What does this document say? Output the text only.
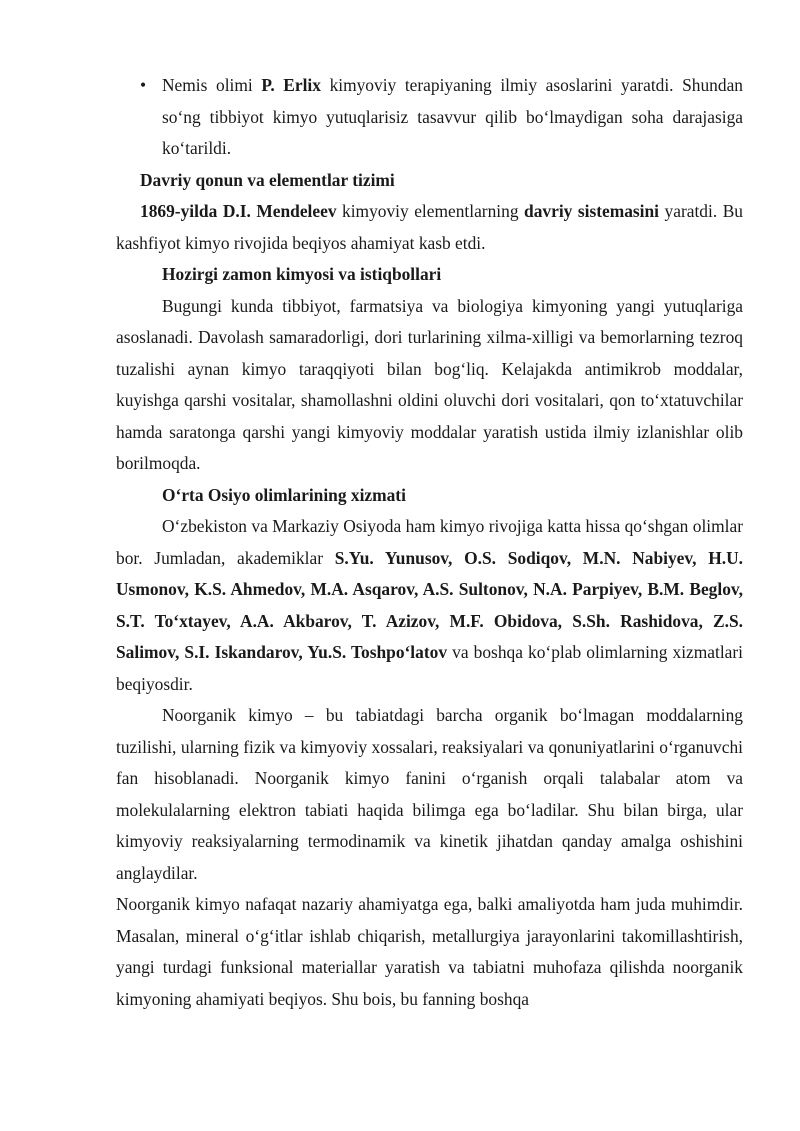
• Nemis olimi P. Erlix kimyoviy terapiyaning ilmiy asoslarini yaratdi. Shundan so‘ng tibbiyot kimyo yutuqlarisiz tasavvur qilib bo‘lmaydigan soha darajasiga ko‘tarildi.

Davriy qonun va elementlar tizimi

1869-yilda D.I. Mendeleev kimyoviy elementlarning davriy sistemasini yaratdi. Bu kashfiyot kimyo rivojida beqiyos ahamiyat kasb etdi.

Hozirgi zamon kimyosi va istiqbollari

Bugungi kunda tibbiyot, farmatsiya va biologiya kimyoning yangi yutuqlariga asoslanadi. Davolash samaradorligi, dori turlarining xilma-xilligi va bemorlarning tezroq tuzalishi aynan kimyo taraqqiyoti bilan bog‘liq. Kelajakda antimikrob moddalar, kuyishga qarshi vositalar, shamollashni oldini oluvchi dori vositalari, qon to‘xtatuvchilar hamda saratonga qarshi yangi kimyoviy moddalar yaratish ustida ilmiy izlanishlar olib borilmoqda.

O‘rta Osiyo olimlarining xizmati

O‘zbekiston va Markaziy Osiyoda ham kimyo rivojiga katta hissa qo‘shgan olimlar bor. Jumladan, akademiklar S.Yu. Yunusov, O.S. Sodiqov, M.N. Nabiyev, H.U. Usmonov, K.S. Ahmedov, M.A. Asqarov, A.S. Sultonov, N.A. Parpiyev, B.M. Beglov, S.T. To‘xtayev, A.A. Akbarov, T. Azizov, M.F. Obidova, S.Sh. Rashidova, Z.S. Salimov, S.I. Iskandarov, Yu.S. Toshpo‘latov va boshqa ko‘plab olimlarning xizmatlari beqiyosdir.

Noorganik kimyo – bu tabiatdagi barcha organik bo‘lmagan moddalarning tuzilishi, ularning fizik va kimyoviy xossalari, reaksiyalari va qonuniyatlarini o‘rganuvchi fan hisoblanadi. Noorganik kimyo fanini o‘rganish orqali talabalar atom va molekulalarning elektron tabiati haqida bilimga ega bo‘ladilar. Shu bilan birga, ular kimyoviy reaksiyalarning termodinamik va kinetik jihatdan qanday amalga oshishini anglaydilar.

Noorganik kimyo nafaqat nazariy ahamiyatga ega, balki amaliyotda ham juda muhimdir. Masalan, mineral o‘g‘itlar ishlab chiqarish, metallurgiya jarayonlarini takomillashtirish, yangi turdagi funksional materiallar yaratish va tabiatni muhofaza qilishda noorganik kimyoning ahamiyati beqiyos. Shu bois, bu fanning boshqa
